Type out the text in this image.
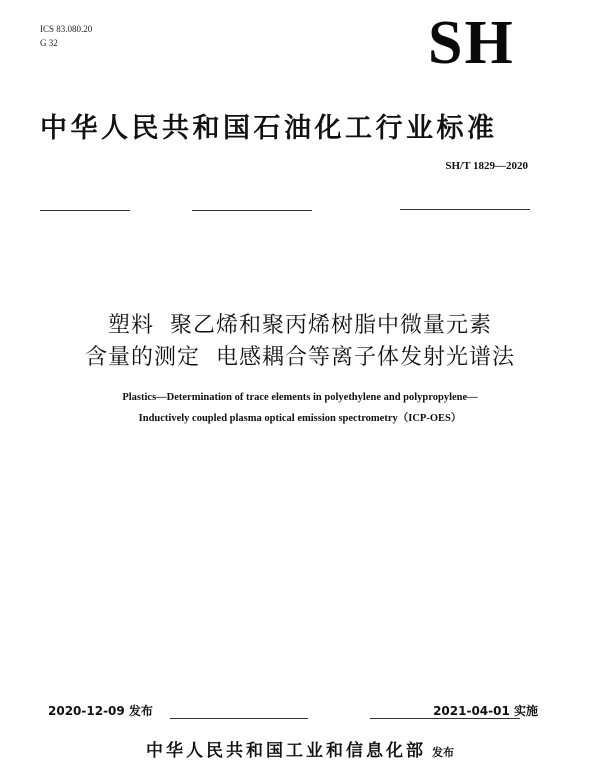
ICS 83.080.20
G 32	SH
中华人民共和国石油化工行业标准
SH/T 1829—2020
塑料  聚乙烯和聚丙烯树脂中微量元素
含量的测定  电感耦合等离子体发射光谱法
Plastics—Determination of trace elements in polyethylene and polypropylene—
Inductively coupled plasma optical emission spectrometry（ICP-OES）
2020-12-09 发布	2021-04-01 实施
中华人民共和国工业和信息化部 发布
